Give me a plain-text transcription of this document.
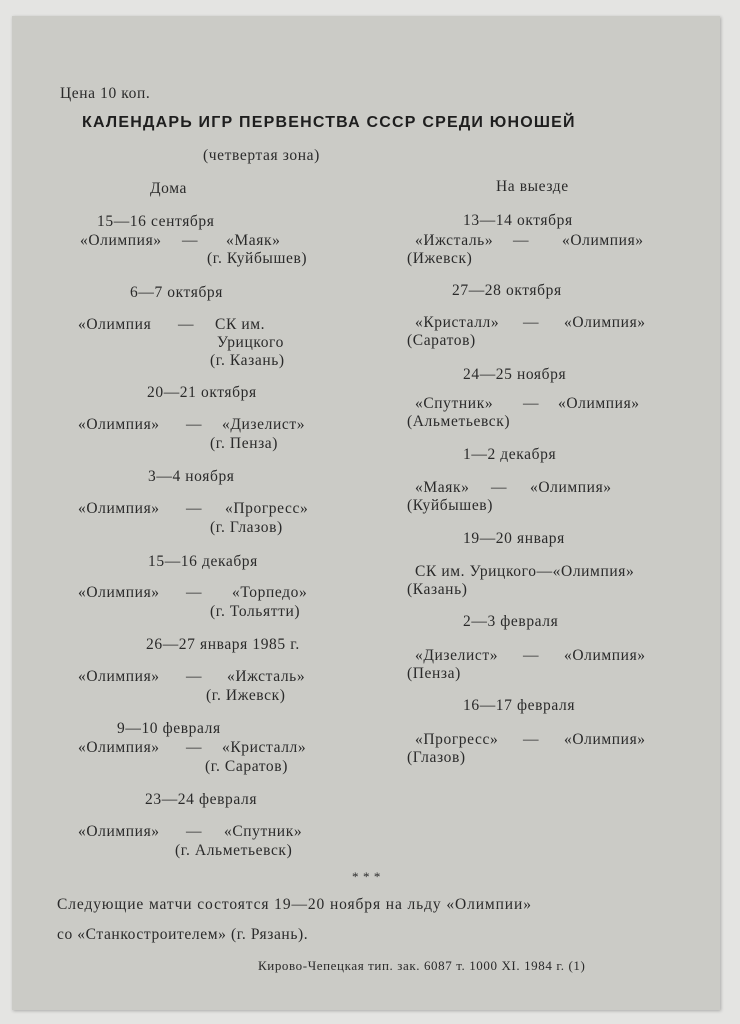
Цена 10 коп.
КАЛЕНДАРЬ ИГР ПЕРВЕНСТВА СССР СРЕДИ ЮНОШЕЙ
(четвертая зона)
Дома	На выезде
15—16 сентября
«Олимпия» — «Маяк»
(г. Куйбышев)
6—7 октября
«Олимпия — СК им.
Урицкого
(г. Казань)
20—21 октября
«Олимпия» — «Дизелист»
(г. Пенза)
3—4 ноября
«Олимпия» — «Прогресс»
(г. Глазов)
15—16 декабря
«Олимпия» — «Торпедо»
(г. Тольятти)
26—27 января 1985 г.
«Олимпия» — «Ижсталь»
(г. Ижевск)
9—10 февраля
«Олимпия» — «Кристалл»
(г. Саратов)
23—24 февраля
«Олимпия» — «Спутник»
(г. Альметьевск)
13—14 октября
«Ижсталь» — «Олимпия»
(Ижевск)
27—28 октября
«Кристалл» — «Олимпия»
(Саратов)
24—25 ноября
«Спутник» — «Олимпия»
(Альметьевск)
1—2 декабря
«Маяк» — «Олимпия»
(Куйбышев)
19—20 января
СК им. Урицкого—«Олимпия»
(Казань)
2—3 февраля
«Дизелист» — «Олимпия»
(Пенза)
16—17 февраля
«Прогресс» — «Олимпия»
(Глазов)
* * *
Следующие матчи состоятся 19—20 ноября на льду «Олимпии»
со «Станкостроителем» (г. Рязань).
Кирово-Чепецкая тип. зак. 6087 т. 1000 XI. 1984 г. (1)
